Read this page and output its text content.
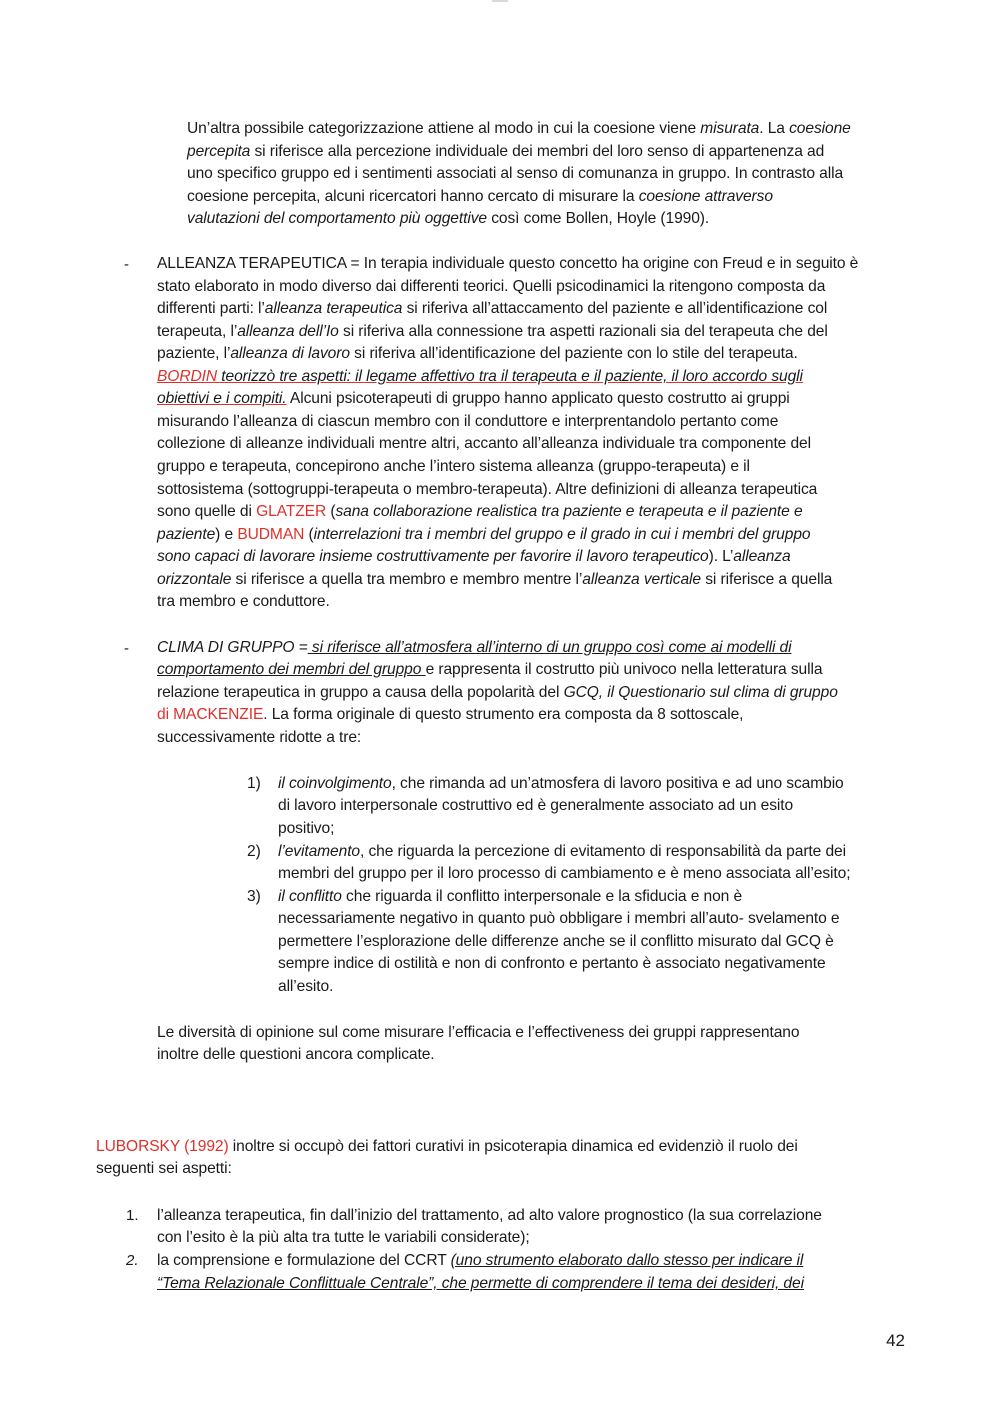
Un’altra possibile categorizzazione attiene al modo in cui la coesione viene misurata. La coesione

percepita si riferisce alla percezione individuale dei membri del loro senso di appartenenza ad

uno specifico gruppo ed i sentimenti associati al senso di comunanza in gruppo. In contrasto alla

coesione percepita, alcuni ricercatori hanno cercato di misurare la coesione attraverso

valutazioni del comportamento più oggettive così come Bollen, Hoyle (1990).

- ALLEANZA TERAPEUTICA = In terapia individuale questo concetto ha origine con Freud e in seguito è

stato elaborato in modo diverso dai differenti teorici. Quelli psicodinamici la ritengono composta da

differenti parti: l’alleanza terapeutica si riferiva all’attaccamento del paziente e all’identificazione col

terapeuta, l’alleanza dell’Io si riferiva alla connessione tra aspetti razionali sia del terapeuta che del

paziente, l’alleanza di lavoro si riferiva all’identificazione del paziente con lo stile del terapeuta.

BORDIN teorizzò tre aspetti: il legame affettivo tra il terapeuta e il paziente, il loro accordo sugli

obiettivi e i compiti. Alcuni psicoterapeuti di gruppo hanno applicato questo costrutto ai gruppi

misurando l’alleanza di ciascun membro con il conduttore e interprentandolo pertanto come

collezione di alleanze individuali mentre altri, accanto all’alleanza individuale tra componente del

gruppo e terapeuta, concepirono anche l’intero sistema alleanza (gruppo-terapeuta) e il

sottosistema (sottogruppi-terapeuta o membro-terapeuta). Altre definizioni di alleanza terapeutica

sono quelle di GLATZER (sana collaborazione realistica tra paziente e terapeuta e il paziente e

paziente) e BUDMAN (interrelazioni tra i membri del gruppo e il grado in cui i membri del gruppo

sono capaci di lavorare insieme costruttivamente per favorire il lavoro terapeutico). L’alleanza

orizzontale si riferisce a quella tra membro e membro mentre l’alleanza verticale si riferisce a quella

tra membro e conduttore.

- CLIMA DI GRUPPO = si riferisce all’atmosfera all’interno di un gruppo così come ai modelli di

comportamento dei membri del gruppo e rappresenta il costrutto più univoco nella letteratura sulla

relazione terapeutica in gruppo a causa della popolarità del GCQ, il Questionario sul clima di gruppo

di MACKENZIE. La forma originale di questo strumento era composta da 8 sottoscale,

successivamente ridotte a tre:

1) il coinvolgimento, che rimanda ad un’atmosfera di lavoro positiva e ad uno scambio

di lavoro interpersonale costruttivo ed è generalmente associato ad un esito

positivo;

2) l’evitamento, che riguarda la percezione di evitamento di responsabilità da parte dei

membri del gruppo per il loro processo di cambiamento e è meno associata all’esito;

3) il conflitto che riguarda il conflitto interpersonale e la sfiducia e non è

necessariamente negativo in quanto può obbligare i membri all’auto- svelamento e

permettere l’esplorazione delle differenze anche se il conflitto misurato dal GCQ è

sempre indice di ostilità e non di confronto e pertanto è associato negativamente

all’esito.

Le diversità di opinione sul come misurare l’efficacia e l’effectiveness dei gruppi rappresentano

inoltre delle questioni ancora complicate.

LUBORSKY (1992) inoltre si occupò dei fattori curativi in psicoterapia dinamica ed evidenziò il ruolo dei

seguenti sei aspetti:

1. l’alleanza terapeutica, fin dall’inizio del trattamento, ad alto valore prognostico (la sua correlazione

con l’esito è la più alta tra tutte le variabili considerate);

2. la comprensione e formulazione del CCRT (uno strumento elaborato dallo stesso per indicare il

“Tema Relazionale Conflittuale Centrale”, che permette di comprendere il tema dei desideri, dei

42
